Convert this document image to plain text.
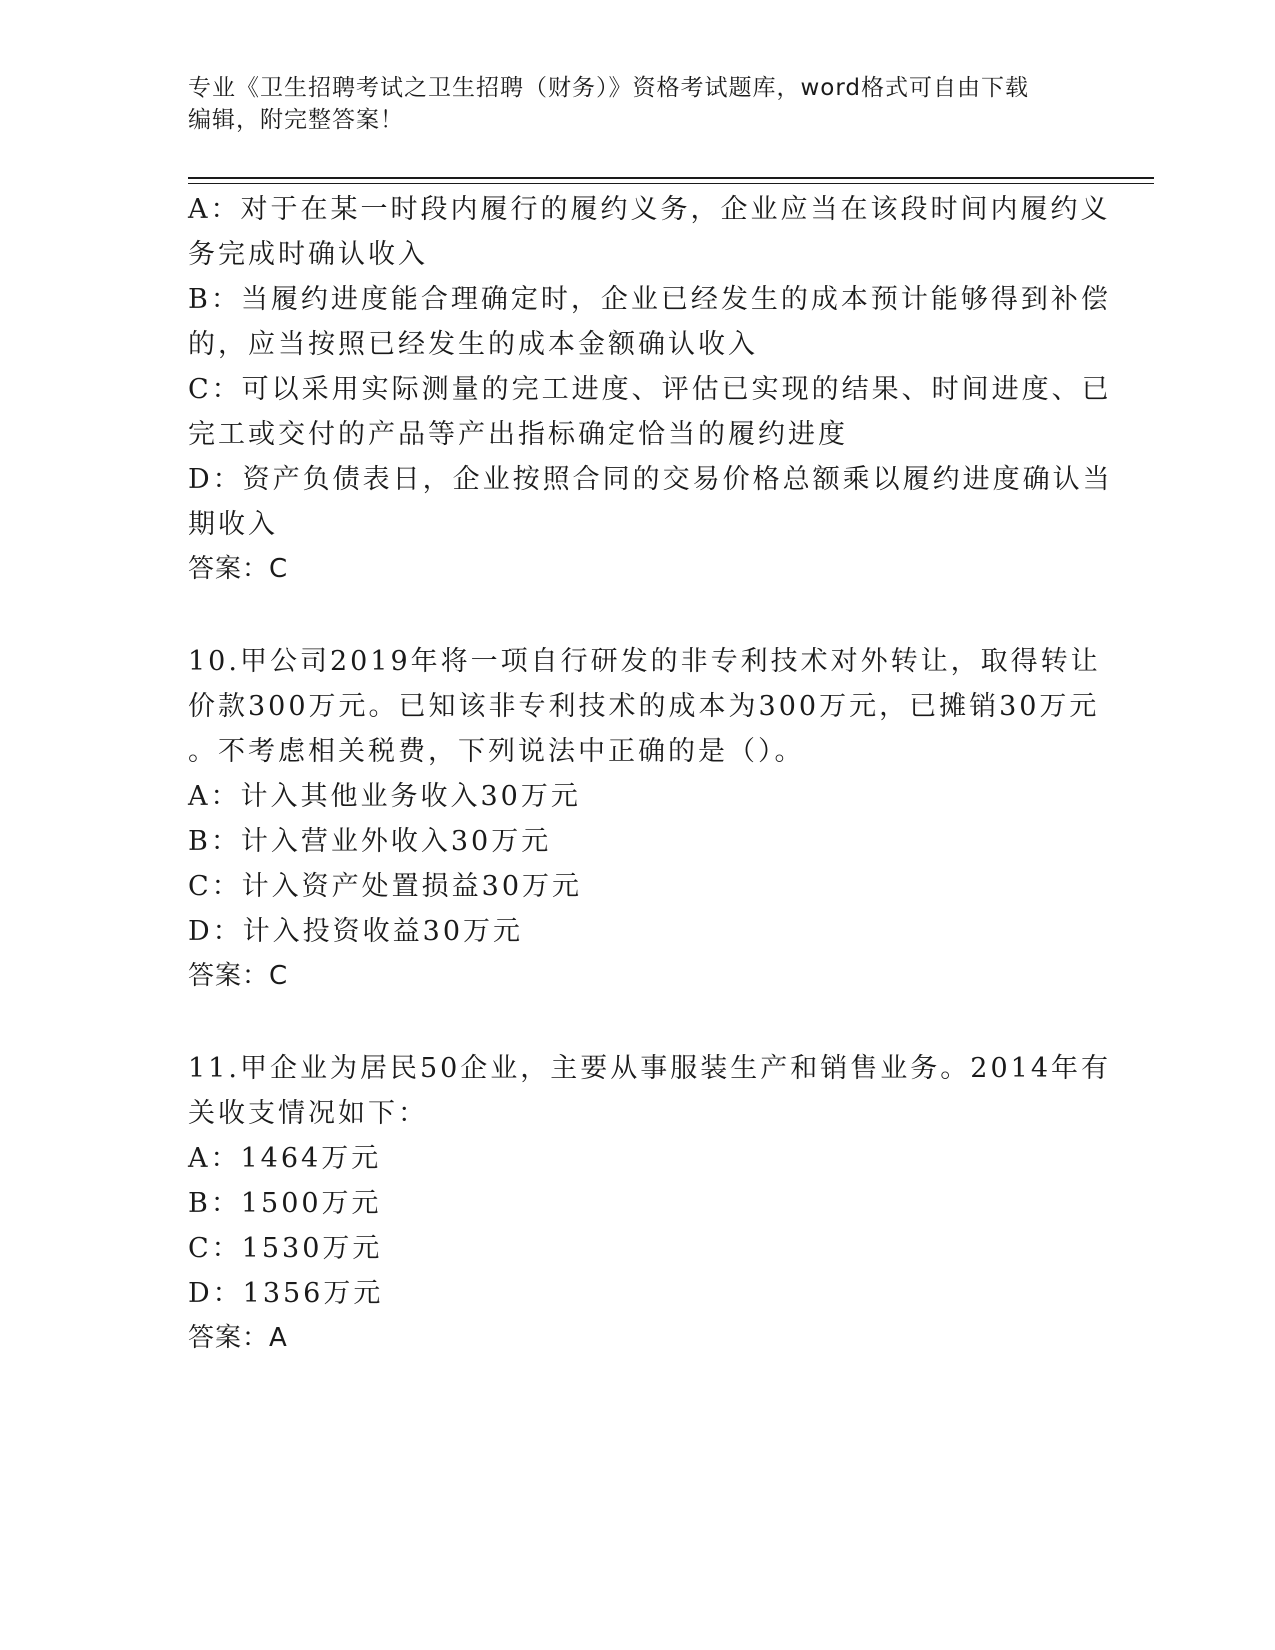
专业《卫生招聘考试之卫生招聘（财务）》资格考试题库，word格式可自由下载
编辑，附完整答案！
A：对于在某一时段内履行的履约义务，企业应当在该段时间内履约义
务完成时确认收入
B：当履约进度能合理确定时，企业已经发生的成本预计能够得到补偿
的，应当按照已经发生的成本金额确认收入
C：可以采用实际测量的完工进度、评估已实现的结果、时间进度、已
完工或交付的产品等产出指标确定恰当的履约进度
D：资产负债表日，企业按照合同的交易价格总额乘以履约进度确认当
期收入
答案：C
10.甲公司2019年将一项自行研发的非专利技术对外转让，取得转让
价款300万元。已知该非专利技术的成本为300万元，已摊销30万元
。不考虑相关税费，下列说法中正确的是（）。
A：计入其他业务收入30万元
B：计入营业外收入30万元
C：计入资产处置损益30万元
D：计入投资收益30万元
答案：C
11.甲企业为居民50企业，主要从事服装生产和销售业务。2014年有
关收支情况如下：
A：1464万元
B：1500万元
C：1530万元
D：1356万元
答案：A
